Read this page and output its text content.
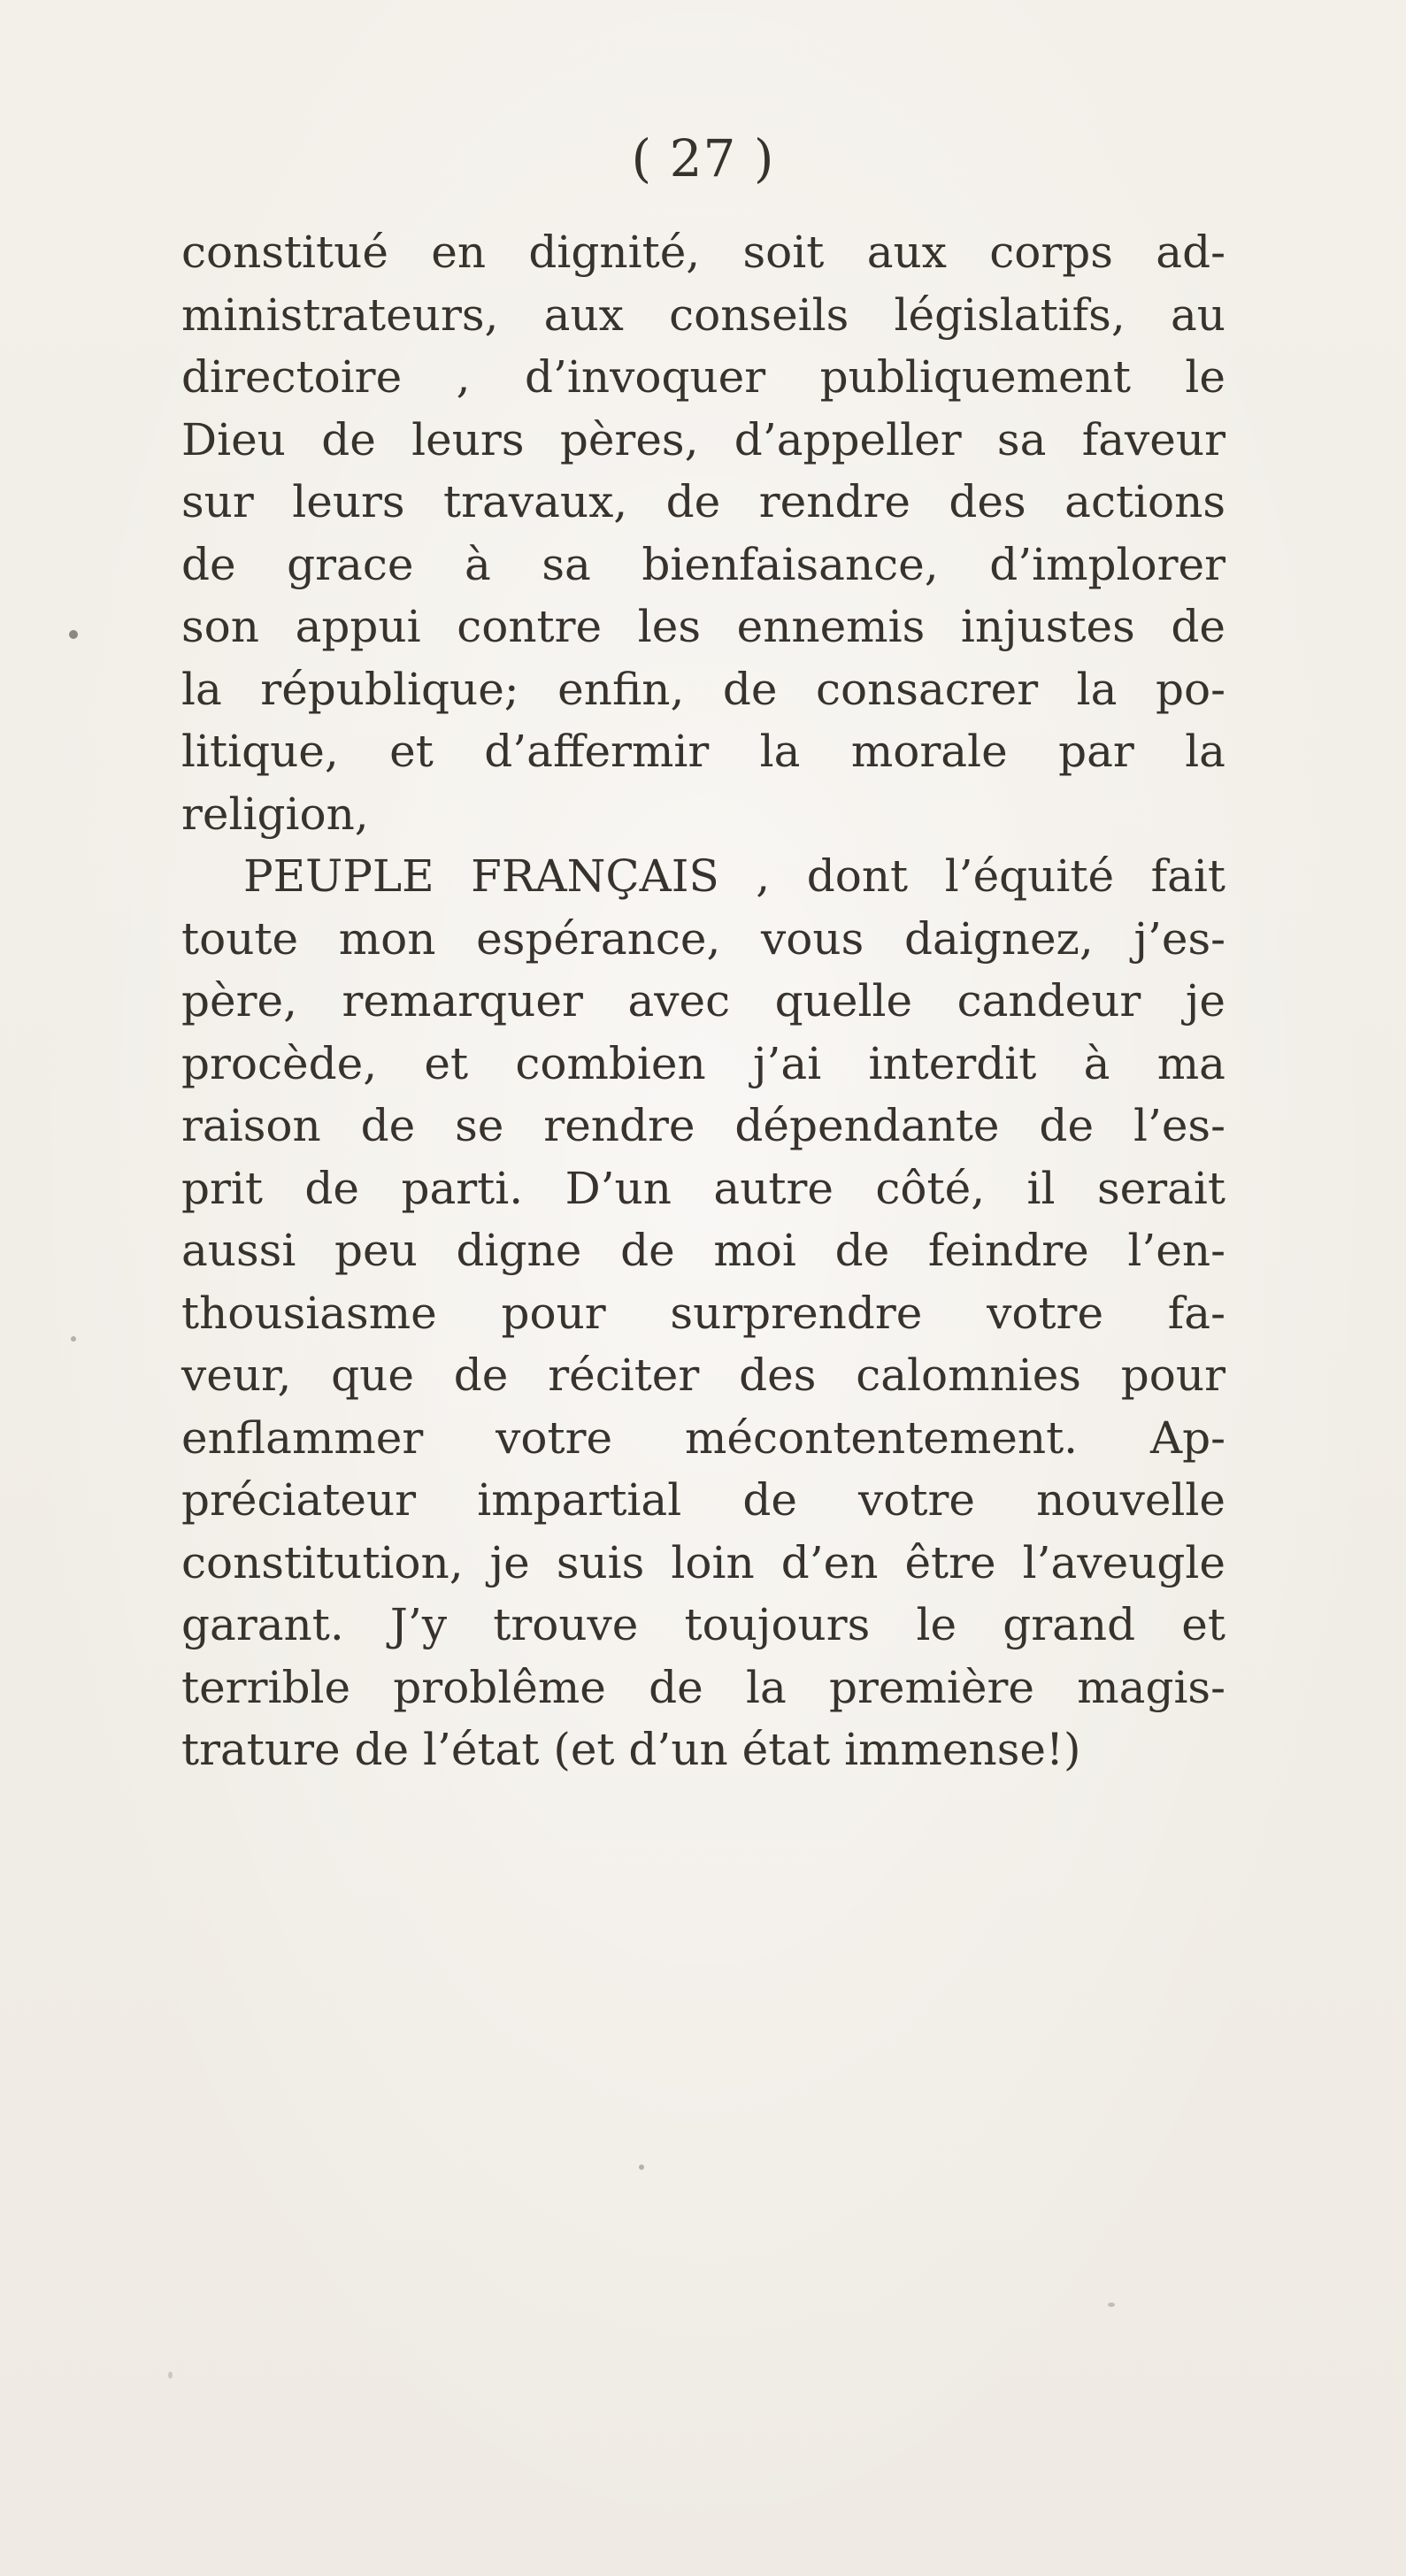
( 27 )
constitué en dignité, soit aux corps ad-
ministrateurs, aux conseils législatifs, au
directoire , d’invoquer publiquement le
Dieu de leurs pères, d’appeller sa faveur
sur leurs travaux, de rendre des actions
de grace à sa bienfaisance, d’implorer
son appui contre les ennemis injustes de
la république; enfin, de consacrer la po-
litique, et d’affermir la morale par la
religion,
PEUPLE FRANÇAIS , dont l’équité fait
toute mon espérance, vous daignez, j’es-
père, remarquer avec quelle candeur je
procède, et combien j’ai interdit à ma
raison de se rendre dépendante de l’es-
prit de parti. D’un autre côté, il serait
aussi peu digne de moi de feindre l’en-
thousiasme pour surprendre votre fa-
veur, que de réciter des calomnies pour
enflammer votre mécontentement. Ap-
préciateur impartial de votre nouvelle
constitution, je suis loin d’en être l’aveugle
garant. J’y trouve toujours le grand et
terrible problême de la première magis-
trature de l’état (et d’un état immense!)
